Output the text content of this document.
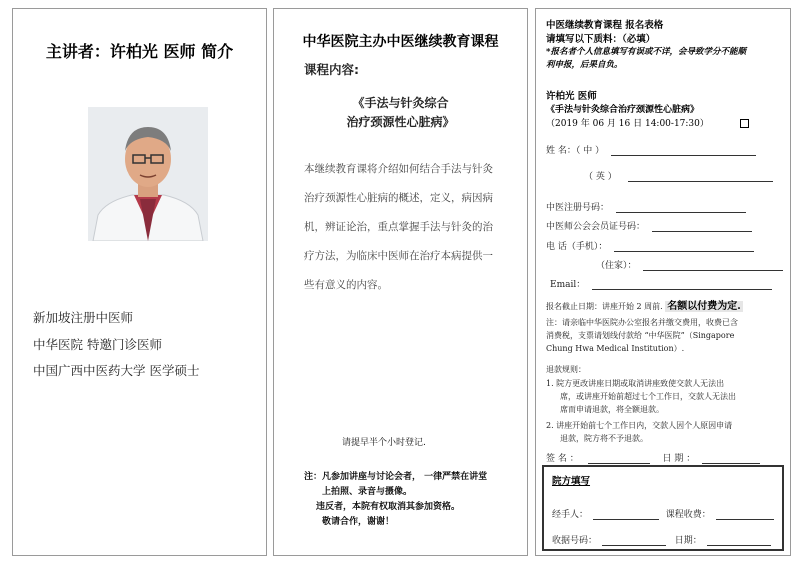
主讲者：许柏光 医师 简介
新加坡注册中医师
中华医院 特邀门诊医师
中国广西中医药大学 医学硕士
中华医院主办中医继续教育课程
课程内容:
《手法与针灸综合
治疗颈源性心脏病》

本继续教育课将介绍如何结合手法与针灸

治疗颈源性心脏病的概述，定义，病因病

机，辨证论治，重点掌握手法与针灸的治

疗方法，为临床中医师在治疗本病提供一

些有意义的内容。

请提早半个小时登记.
注：凡参加讲座与讨论会者， 一律严禁在讲堂
上拍照、录音与摄像。
违反者，本院有权取消其参加资格。
敬请合作，谢谢！
中医继续教育课程 报名表格
请填写以下质料：（必填）
*报名者个人信息填写有误或不详，会导致学分不能顺
利申报，后果自负。
许柏光 医师
《手法与针灸综合治疗颈源性心脏病》
（2019 年 06 月 16 日 14:00-17:30）
姓 名：（ 中 ）
（ 英 ）
中医注册号码：
中医师公会会员证号码：
电 话（手机）：
（住家）：
Email：
报名截止日期：讲座开始 2 周前. 名额以付费为定.
注：请亲临中华医院办公室报名并缴交费用，收费已含
消费税，支票请划线付款给 “中华医院”（Singapore
Chung Hwa Medical Institution）.
退款规则：
1. 院方更改讲座日期或取消讲座致使交款人无法出
席，或讲座开始前超过七个工作日，交款人无法出
席而申请退款，将全额退款。
2. 讲座开始前七个工作日内，交款人因个人原因申请
退款，院方将不予退款。
签 名 ：	日 期 ：
院方填写
经手人：	课程收费：
收据号码：	日期：
